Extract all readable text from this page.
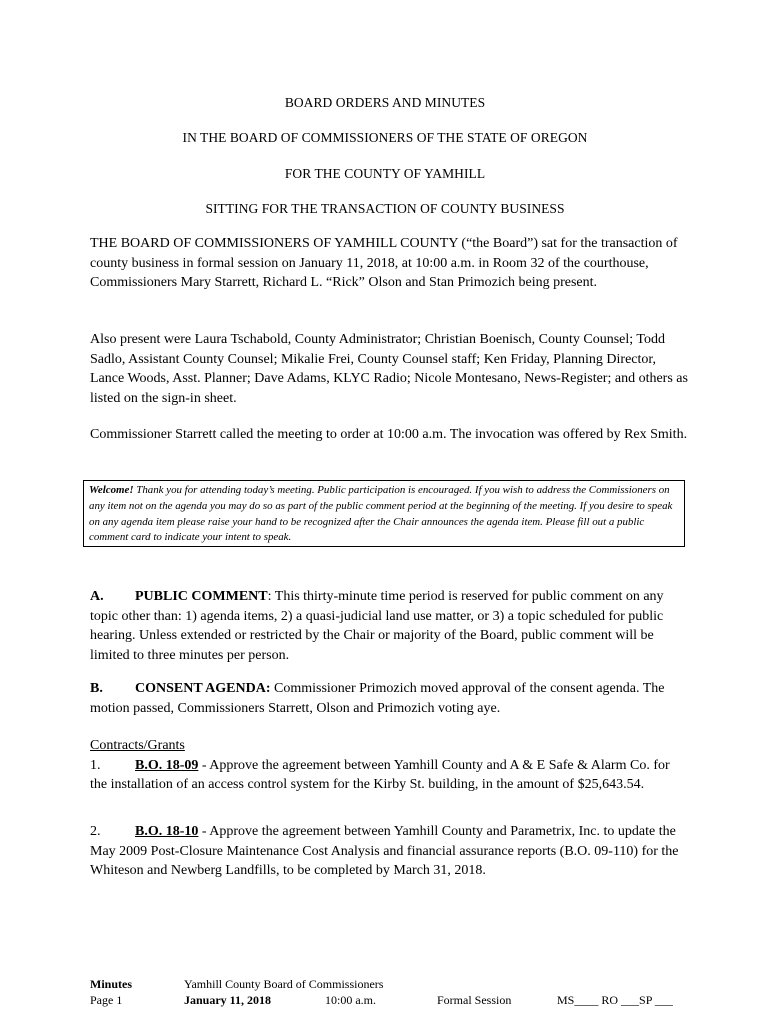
BOARD ORDERS AND MINUTES
IN THE BOARD OF COMMISSIONERS OF THE STATE OF OREGON
FOR THE COUNTY OF YAMHILL
SITTING FOR THE TRANSACTION OF COUNTY BUSINESS
THE BOARD OF COMMISSIONERS OF YAMHILL COUNTY (“the Board”) sat for the transaction of county business in formal session on January 11, 2018, at 10:00 a.m. in Room 32 of the courthouse, Commissioners Mary Starrett, Richard L. “Rick” Olson and Stan Primozich being present.
Also present were Laura Tschabold, County Administrator; Christian Boenisch, County Counsel; Todd Sadlo, Assistant County Counsel; Mikalie Frei, County Counsel staff; Ken Friday, Planning Director, Lance Woods, Asst. Planner; Dave Adams, KLYC Radio; Nicole Montesano, News-Register; and others as listed on the sign-in sheet.
Commissioner Starrett called the meeting to order at 10:00 a.m. The invocation was offered by Rex Smith.
Welcome! Thank you for attending today’s meeting. Public participation is encouraged. If you wish to address the Commissioners on any item not on the agenda you may do so as part of the public comment period at the beginning of the meeting. If you desire to speak on any agenda item please raise your hand to be recognized after the Chair announces the agenda item. Please fill out a public comment card to indicate your intent to speak.
A. PUBLIC COMMENT: This thirty-minute time period is reserved for public comment on any topic other than: 1) agenda items, 2) a quasi-judicial land use matter, or 3) a topic scheduled for public hearing. Unless extended or restricted by the Chair or majority of the Board, public comment will be limited to three minutes per person.
B. CONSENT AGENDA: Commissioner Primozich moved approval of the consent agenda. The motion passed, Commissioners Starrett, Olson and Primozich voting aye.
Contracts/Grants
1. B.O. 18-09 - Approve the agreement between Yamhill County and A & E Safe & Alarm Co. for the installation of an access control system for the Kirby St. building, in the amount of $25,643.54.
2. B.O. 18-10 - Approve the agreement between Yamhill County and Parametrix, Inc. to update the May 2009 Post-Closure Maintenance Cost Analysis and financial assurance reports (B.O. 09-110) for the Whiteson and Newberg Landfills, to be completed by March 31, 2018.
Minutes
Page 1
Yamhill County Board of Commissioners
January 11, 2018	10:00 a.m.	Formal Session	MS____ RO ___SP ___
